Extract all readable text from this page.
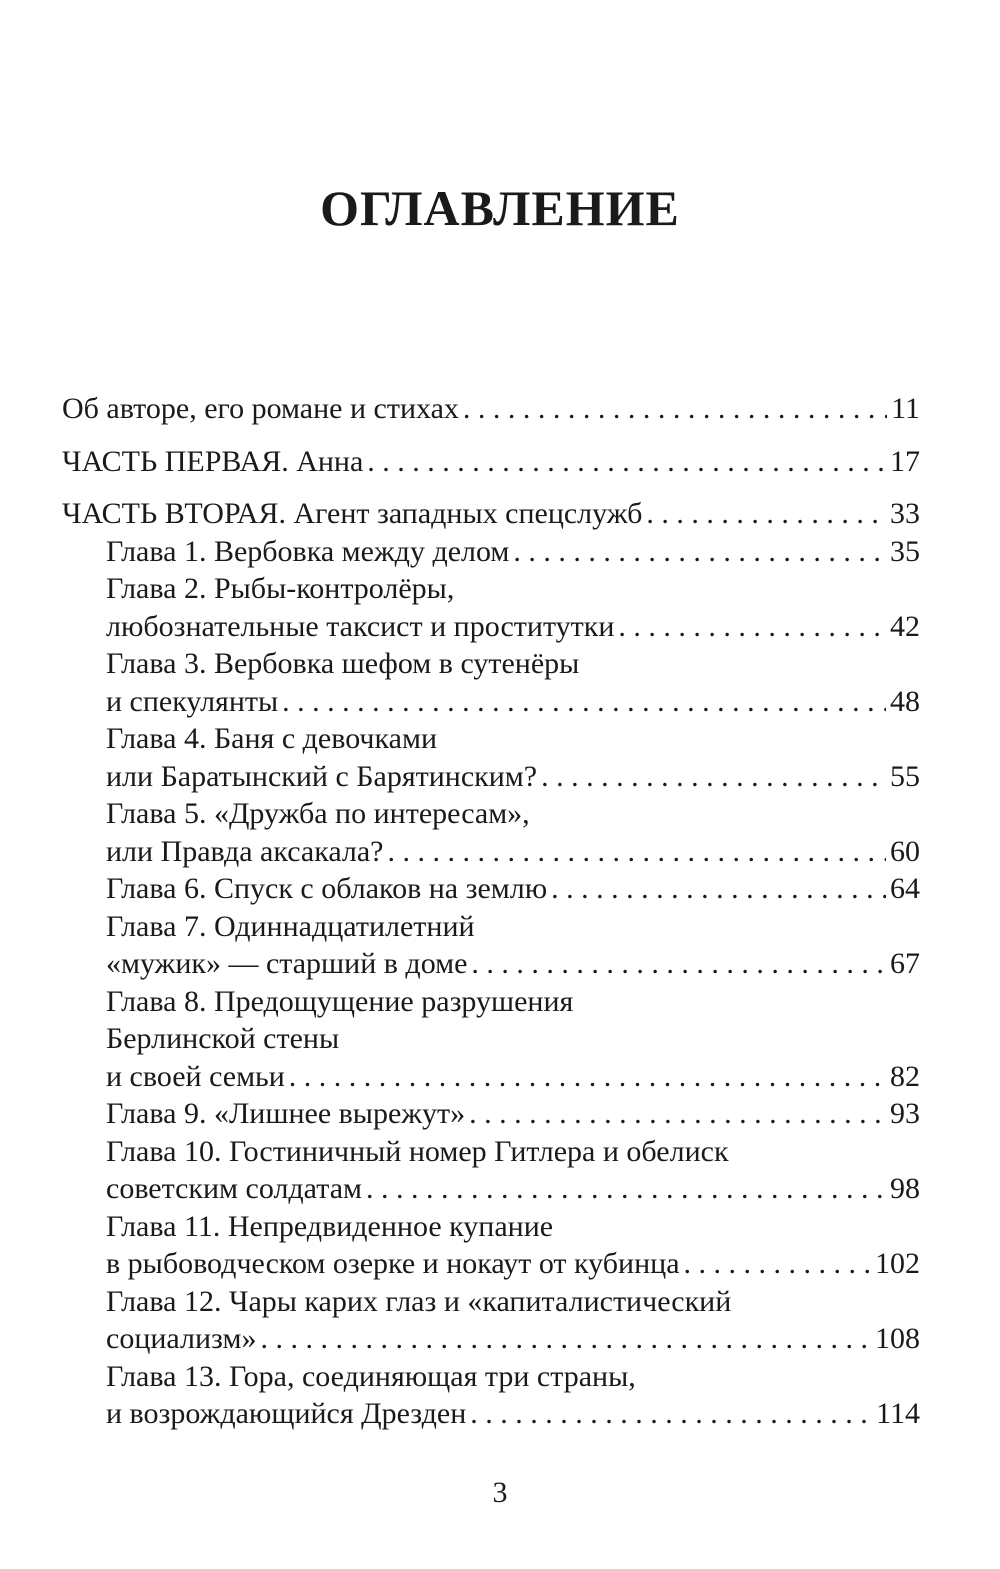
ОГЛАВЛЕНИЕ
Об авторе, его романе и стихах . . .	11
ЧАСТЬ ПЕРВАЯ. Анна . . .	17
ЧАСТЬ ВТОРАЯ. Агент западных спецслужб . . .	33
Глава 1. Вербовка между делом . . .	35
Глава 2. Рыбы-контролёры,
любознательные таксист и проститутки . . .	42
Глава 3. Вербовка шефом в сутенёры
и спекулянты . . .	48
Глава 4. Баня с девочками
или Баратынский с Барятинским? . . .	55
Глава 5. «Дружба по интересам»,
или Правда аксакала? . . .	60
Глава 6. Спуск с облаков на землю . . .	64
Глава 7. Одиннадцатилетний
«мужик» — старший в доме . . .	67
Глава 8. Предощущение разрушения
Берлинской стены
и своей семьи . . .	82
Глава 9. «Лишнее вырежут» . . .	93
Глава 10. Гостиничный номер Гитлера и обелиск
советским солдатам . . .	98
Глава 11. Непредвиденное купание
в рыбоводческом озерке и нокаут от кубинца . . .	102
Глава 12. Чары карих глаз и «капиталистический
социализм» . . .	108
Глава 13. Гора, соединяющая три страны,
и возрождающийся Дрезден . . .	114
3
